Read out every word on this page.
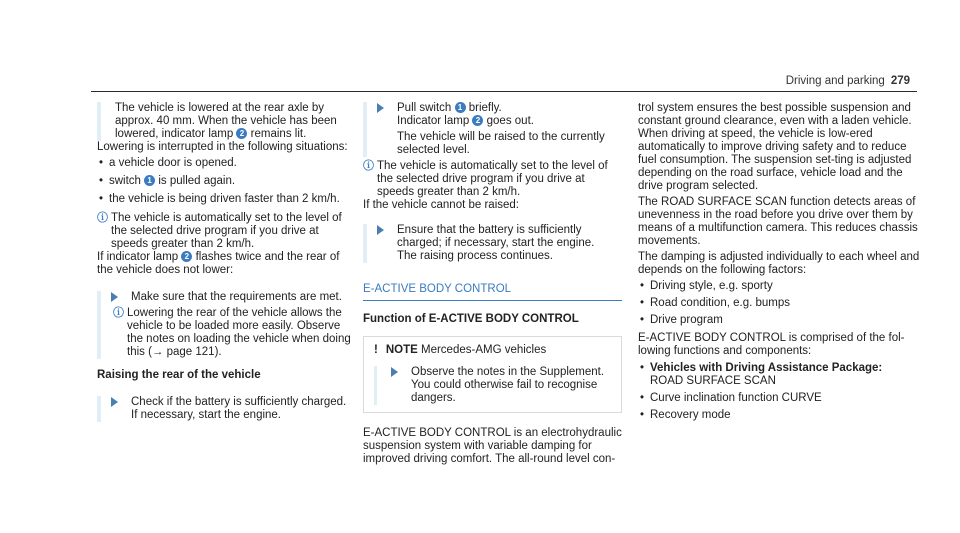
Driving and parking 279

The vehicle is lowered at the rear axle by approx. 40 mm. When the vehicle has been lowered, indicator lamp 2 remains lit.

Lowering is interrupted in the following situations:

• a vehicle door is opened.
• switch 1 is pulled again.
• the vehicle is being driven faster than 2 km/h.
ⓘ The vehicle is automatically set to the level of the selected drive program if you drive at speeds greater than 2 km/h.

If indicator lamp 2 flashes twice and the rear of the vehicle does not lower:

Make sure that the requirements are met.

ⓘ Lowering the rear of the vehicle allows the vehicle to be loaded more easily. Observe the notes on loading the vehicle when doing this (→ page 121).

Raising the rear of the vehicle

Check if the battery is sufficiently charged. If necessary, start the engine.

Pull switch 1 briefly.

Indicator lamp 2 goes out.

The vehicle will be raised to the currently selected level.

ⓘ The vehicle is automatically set to the level of the selected drive program if you drive at speeds greater than 2 km/h.

If the vehicle cannot be raised:

Ensure that the battery is sufficiently charged; if necessary, start the engine.

The raising process continues.

E-ACTIVE BODY CONTROL

Function of E-ACTIVE BODY CONTROL

! NOTE Mercedes-AMG vehicles

Observe the notes in the Supplement. You could otherwise fail to recognise dangers.

E-ACTIVE BODY CONTROL is an electrohydraulic suspension system with variable damping for improved driving comfort. The all-round level con-

trol system ensures the best possible suspension and constant ground clearance, even with a laden vehicle. When driving at speed, the vehicle is low-ered automatically to improve driving safety and to reduce fuel consumption. The suspension set-ting is adjusted depending on the road surface, vehicle load and the drive program selected.

The ROAD SURFACE SCAN function detects areas of unevenness in the road before you drive over them by means of a multifunction camera. This reduces chassis movements.

The damping is adjusted individually to each wheel and depends on the following factors:

• Driving style, e.g. sporty
• Road condition, e.g. bumps
• Drive program

E-ACTIVE BODY CONTROL is comprised of the fol-lowing functions and components:

• Vehicles with Driving Assistance Package:

ROAD SURFACE SCAN

• Curve inclination function CURVE
• Recovery mode
